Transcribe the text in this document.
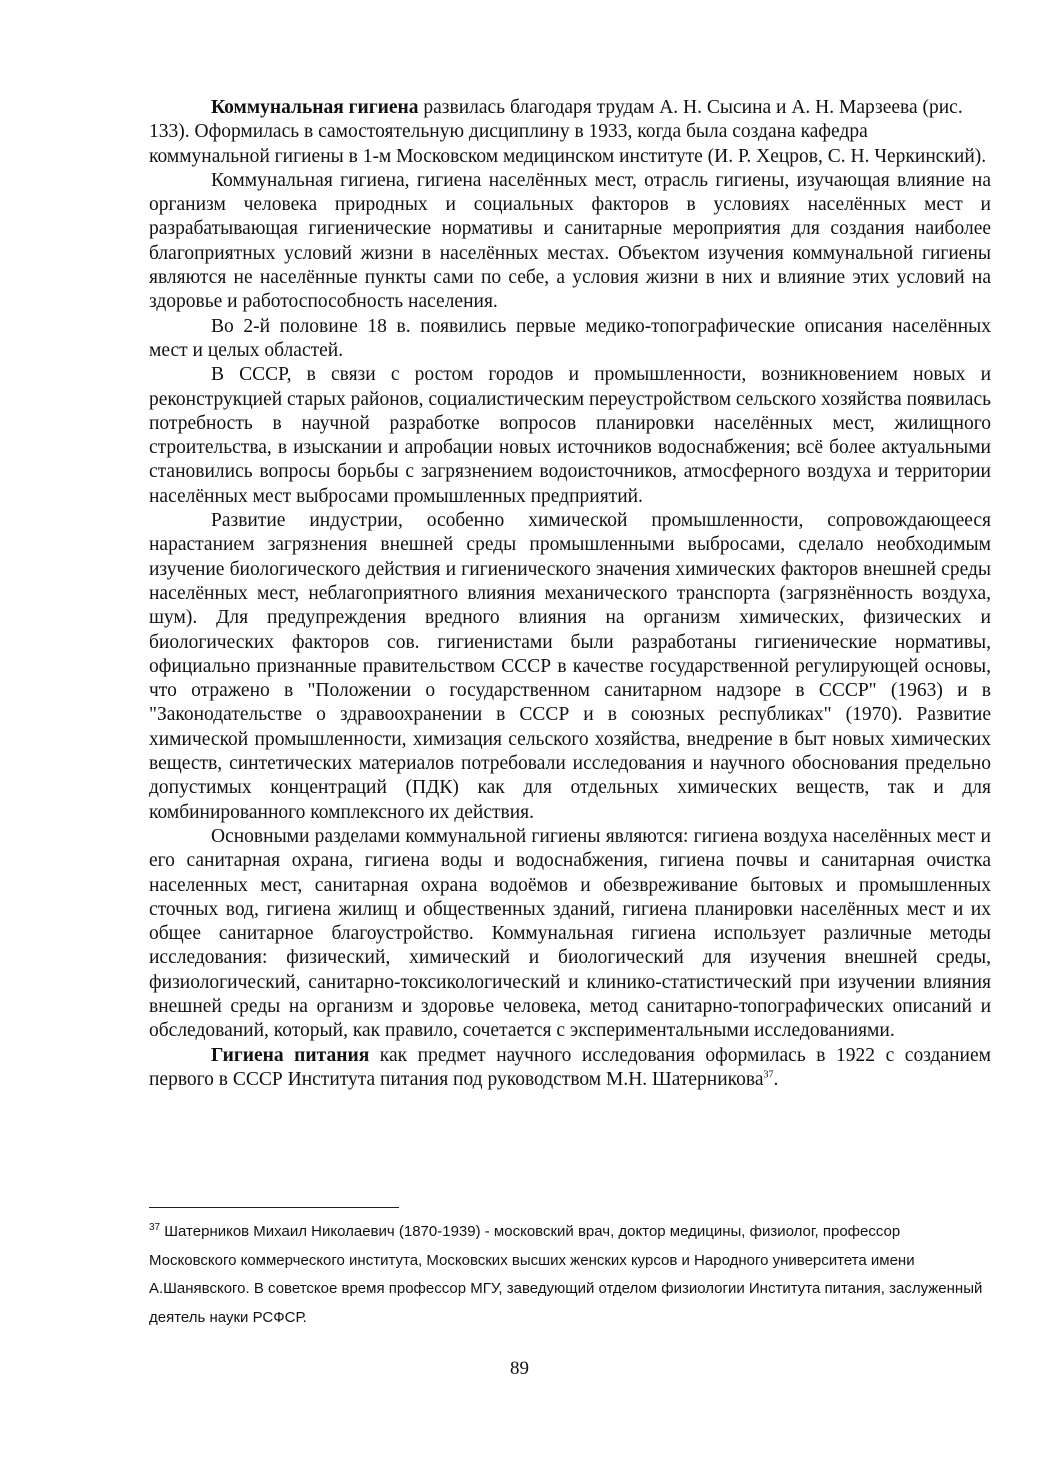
Коммунальная гигиена развилась благодаря трудам А. Н. Сысина и А. Н. Марзеева (рис. 133). Оформилась в самостоятельную дисциплину в 1933, когда была создана кафедра коммунальной гигиены в 1-м Московском медицинском институте (И. Р. Хецров, С. Н. Черкинский).

Коммунальная гигиена, гигиена населённых мест, отрасль гигиены, изучающая влияние на организм человека природных и социальных факторов в условиях населённых мест и разрабатывающая гигиенические нормативы и санитарные мероприятия для создания наиболее благоприятных условий жизни в населённых местах. Объектом изучения коммунальной гигиены являются не населённые пункты сами по себе, а условия жизни в них и влияние этих условий на здоровье и работоспособность населения.

Во 2-й половине 18 в. появились первые медико-топографические описания населённых мест и целых областей.

В СССР, в связи с ростом городов и промышленности, возникновением новых и реконструкцией старых районов, социалистическим переустройством сельского хозяйства появилась потребность в научной разработке вопросов планировки населённых мест, жилищного строительства, в изыскании и апробации новых источников водоснабжения; всё более актуальными становились вопросы борьбы с загрязнением водоисточников, атмосферного воздуха и территории населённых мест выбросами промышленных предприятий.

Развитие индустрии, особенно химической промышленности, сопровождающееся нарастанием загрязнения внешней среды промышленными выбросами, сделало необходимым изучение биологического действия и гигиенического значения химических факторов внешней среды населённых мест, неблагоприятного влияния механического транспорта (загрязнённость воздуха, шум). Для предупреждения вредного влияния на организм химических, физических и биологических факторов сов. гигиенистами были разработаны гигиенические нормативы, официально признанные правительством СССР в качестве государственной регулирующей основы, что отражено в "Положении о государственном санитарном надзоре в СССР" (1963) и в "Законодательстве о здравоохранении в СССР и в союзных республиках" (1970). Развитие химической промышленности, химизация сельского хозяйства, внедрение в быт новых химических веществ, синтетических материалов потребовали исследования и научного обоснования предельно допустимых концентраций (ПДК) как для отдельных химических веществ, так и для комбинированного комплексного их действия.

Основными разделами коммунальной гигиены являются: гигиена воздуха населённых мест и его санитарная охрана, гигиена воды и водоснабжения, гигиена почвы и санитарная очистка населенных мест, санитарная охрана водоёмов и обезвреживание бытовых и промышленных сточных вод, гигиена жилищ и общественных зданий, гигиена планировки населённых мест и их общее санитарное благоустройство. Коммунальная гигиена использует различные методы исследования: физический, химический и биологический для изучения внешней среды, физиологический, санитарно-токсикологический и клинико-статистический при изучении влияния внешней среды на организм и здоровье человека, метод санитарно-топографических описаний и обследований, который, как правило, сочетается с экспериментальными исследованиями.

Гигиена питания как предмет научного исследования оформилась в 1922 с созданием первого в СССР Института питания под руководством М.Н. Шатерникова$^{37}$.

$^{37}$ Шатерников Михаил Николаевич (1870-1939) - московский врач, доктор медицины, физиолог, профессор Московского коммерческого института, Московских высших женских курсов и Народного университета имени А.Шанявского. В советское время профессор МГУ, заведующий отделом физиологии Института питания, заслуженный деятель науки РСФСР.
89
